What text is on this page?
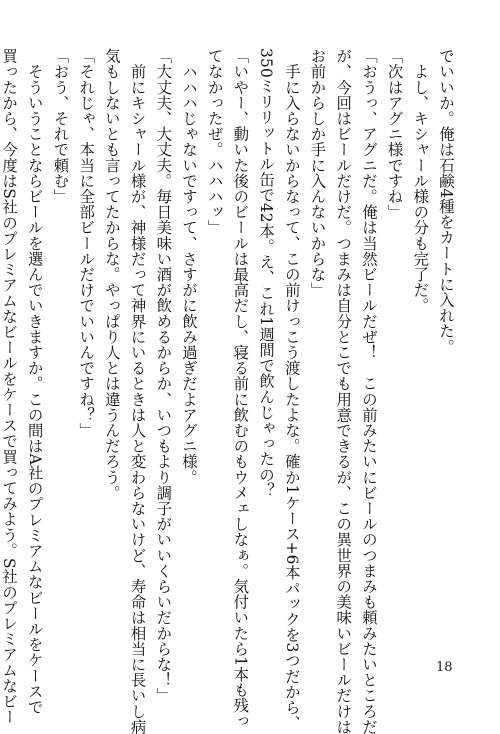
でいいか。俺は石鹸4種をカートに入れた。
　よし、キシャール様の分も完了だ。
「次はアグニ様ですね」
「おうっ、アグニだ。俺は当然ビールだぜ！　この前みたいにビールのつまみも頼みたいところだ
が、今回はビールだけだ。つまみは自分とこでも用意できるが、この異世界の美味いビールだけは
お前からしか手に入んないからな」
　手に入らないからなって、この前けっこう渡したよな。確か1ケース+6本パックを3つだから、
350ミリリットル缶で42本。え、これ1週間で飲んじゃったの？
「いやー、動いた後のビールは最高だし、寝る前に飲むのもウメェしなぁ。気付いたら1本も残っ
てなかったぜ。ハハハッ」
　ハハハじゃないですって、さすがに飲み過ぎだよアグニ様。
「大丈夫、大丈夫。毎日美味い酒が飲めるからか、いつもより調子がいいくらいだからな！」
　前にキシャール様が、神様だって神界にいるときは人と変わらないけど、寿命は相当に長いし病
気もしないとも言ってたからな。やっぱり人とは違うんだろう。
「それじゃ、本当に全部ビールだけでいいんですね？」
「おう、それで頼む」
　そういうことならビールを選んでいきますか。この間はA社のプレミアムなビールをケースで
買ったから、今度はS社のプレミアムなビールをケースで買ってみよう。S社のプレミアムなビー	18
